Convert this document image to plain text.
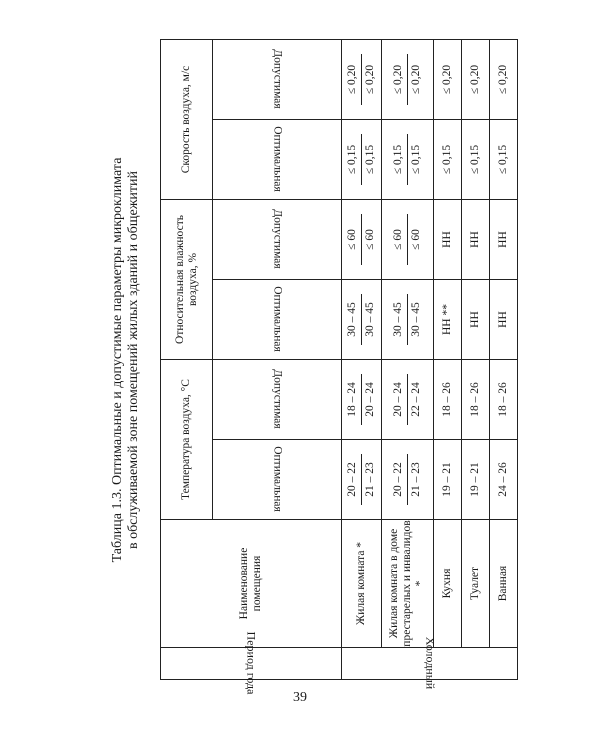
Таблица 1.3. Оптимальные и допустимые параметры микроклимата в обслуживаемой зоне помещений жилых зданий и общежитий
Период года	Наименование помещения	Температура воздуха, °С		Относительная влажность воздуха, %		Скорость воздуха, м/с	

		Оптимальная	Допустимая	Оптимальная	Допустимая	Оптимальная	Допустимая

Холодный	Жилая комната *	20 – 22 21 – 23	18 – 24 20 – 24	30 – 45 30 – 45	≤ 60 ≤ 60	≤ 0,15 ≤ 0,15	≤ 0,20 ≤ 0,20

	Жилая комната в доме престарелых и инвалидов *	20 – 22 21 – 23	20 – 24 22 – 24	30 – 45 30 – 45	≤ 60 ≤ 60	≤ 0,15 ≤ 0,15	≤ 0,20 ≤ 0,20

	Кухня	19 – 21	18 – 26	НН **	НН	≤ 0,15	≤ 0,20
	Туалет	19 – 21	18 – 26	НН	НН	≤ 0,15	≤ 0,20
	Ванная	24 – 26	18 – 26	НН	НН	≤ 0,15	≤ 0,20
39
